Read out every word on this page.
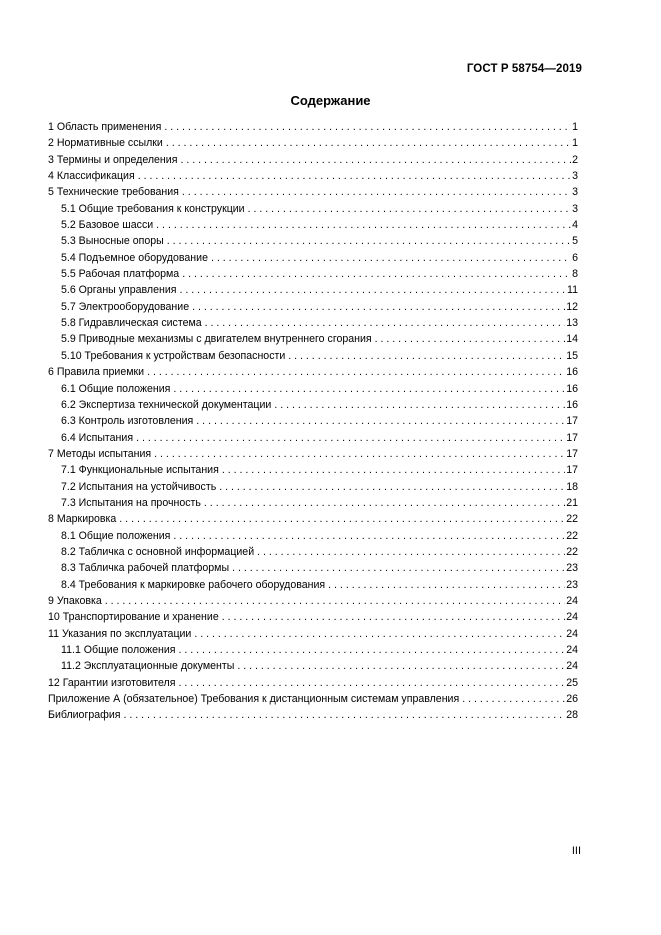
ГОСТ Р 58754—2019
Содержание
1 Область применения . . .	1
2 Нормативные ссылки . . .	1
3 Термины и определения . . .	2
4 Классификация . . .	3
5 Технические требования . . .	3
5.1 Общие требования к конструкции . . .	3
5.2 Базовое шасси . . .	4
5.3 Выносные опоры . . .	5
5.4 Подъемное оборудование . . .	6
5.5 Рабочая платформа . . .	8
5.6 Органы управления . . .	11
5.7 Электрооборудование . . .	12
5.8 Гидравлическая система . . .	13
5.9 Приводные механизмы с двигателем внутреннего сгорания . . .	14
5.10 Требования к устройствам безопасности . . .	15
6 Правила приемки . . .	16
6.1 Общие положения . . .	16
6.2 Экспертиза технической документации . . .	16
6.3 Контроль изготовления . . .	17
6.4 Испытания . . .	17
7 Методы испытания . . .	17
7.1 Функциональные испытания . . .	17
7.2 Испытания на устойчивость . . .	18
7.3 Испытания на прочность . . .	21
8 Маркировка . . .	22
8.1 Общие положения . . .	22
8.2 Табличка с основной информацией . . .	22
8.3 Табличка рабочей платформы . . .	23
8.4 Требования к маркировке рабочего оборудования . . .	23
9 Упаковка . . .	24
10 Транспортирование и хранение . . .	24
11 Указания по эксплуатации . . .	24
11.1 Общие положения . . .	24
11.2 Эксплуатационные документы . . .	24
12 Гарантии изготовителя . . .	25
Приложение А (обязательное) Требования к дистанционным системам управления . . .	26
Библиография . . .	28
III
